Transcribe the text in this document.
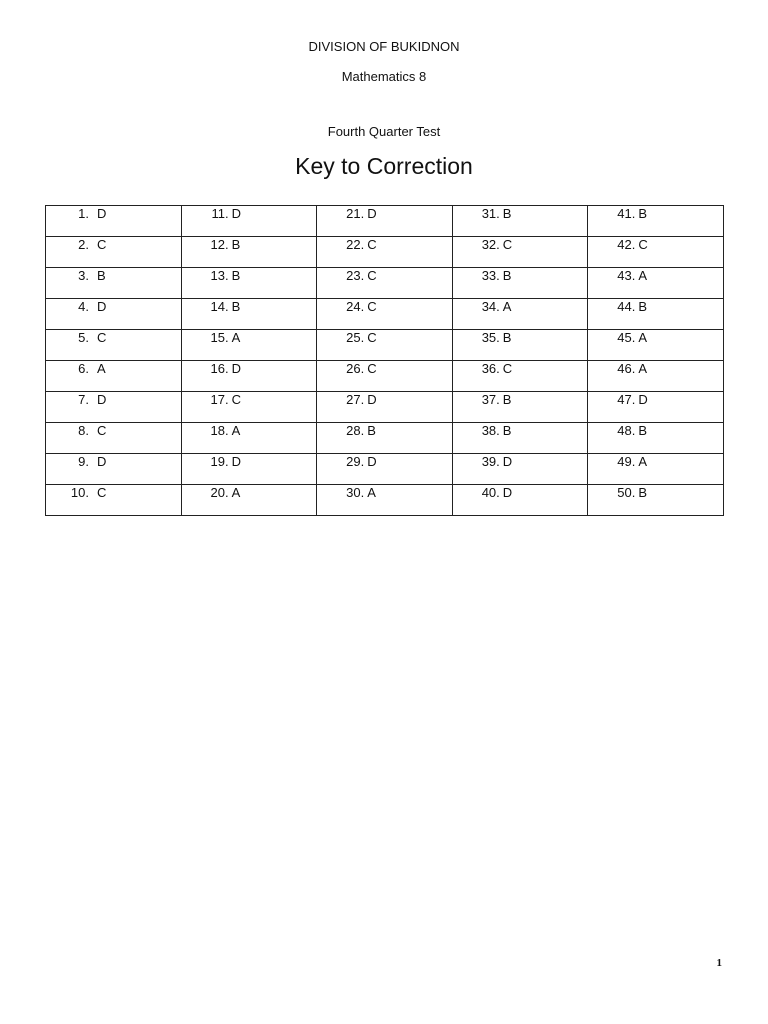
DIVISION OF BUKIDNON
Mathematics 8
Fourth Quarter Test
Key to Correction
1. D	11. D	21. D	31. B	41. B

2. C	12. B	22. C	32. C	42. C

3. B	13. B	23. C	33. B	43. A

4. D	14. B	24. C	34. A	44. B

5. C	15. A	25. C	35. B	45. A

6. A	16. D	26. C	36. C	46. A

7. D	17. C	27. D	37. B	47. D

8. C	18. A	28. B	38. B	48. B

9. D	19. D	29. D	39. D	49. A

10. C	20. A	30. A	40. D	50. B
1
